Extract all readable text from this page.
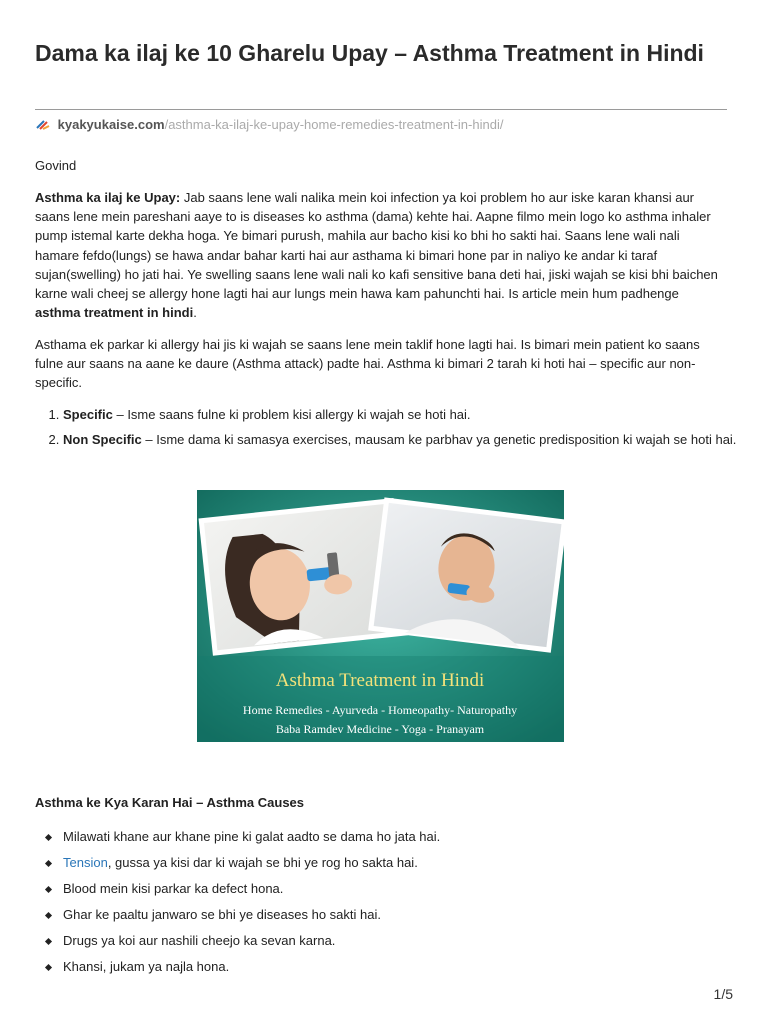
Dama ka ilaj ke 10 Gharelu Upay – Asthma Treatment in Hindi
kyakyukaise.com/asthma-ka-ilaj-ke-upay-home-remedies-treatment-in-hindi/
Govind

Asthma ka ilaj ke Upay: Jab saans lene wali nalika mein koi infection ya koi problem ho aur iske karan khansi aur saans lene mein pareshani aaye to is diseases ko asthma (dama) kehte hai. Aapne filmo mein logo ko asthma inhaler pump istemal karte dekha hoga. Ye bimari purush, mahila aur bacho kisi ko bhi ho sakti hai. Saans lene wali nali hamare fefdo(lungs) se hawa andar bahar karti hai aur asthama ki bimari hone par in naliyo ke andar ki taraf sujan(swelling) ho jati hai. Ye swelling saans lene wali nali ko kafi sensitive bana deti hai, jiski wajah se kisi bhi baichen karne wali cheej se allergy hone lagti hai aur lungs mein hawa kam pahunchti hai. Is article mein hum padhenge asthma treatment in hindi.

Asthama ek parkar ki allergy hai jis ki wajah se saans lene mein taklif hone lagti hai. Is bimari mein patient ko saans fulne aur saans na aane ke daure (Asthma attack) padte hai. Asthma ki bimari 2 tarah ki hoti hai – specific aur non-specific.

1. Specific – Isme saans fulne ki problem kisi allergy ki wajah se hoti hai.
2. Non Specific – Isme dama ki samasya exercises, mausam ke parbhav ya genetic predisposition ki wajah se hoti hai.
Asthma Treatment in Hindi
Home Remedies - Ayurveda - Homeopathy- Naturopathy
Baba Ramdev Medicine - Yoga - Pranayam
Asthma ke Kya Karan Hai – Asthma Causes
Milawati khane aur khane pine ki galat aadto se dama ho jata hai.
Tension, gussa ya kisi dar ki wajah se bhi ye rog ho sakta hai.
Blood mein kisi parkar ka defect hona.
Ghar ke paaltu janwaro se bhi ye diseases ho sakti hai.
Drugs ya koi aur nashili cheejo ka sevan karna.
Khansi, jukam ya najla hona.
1/5
